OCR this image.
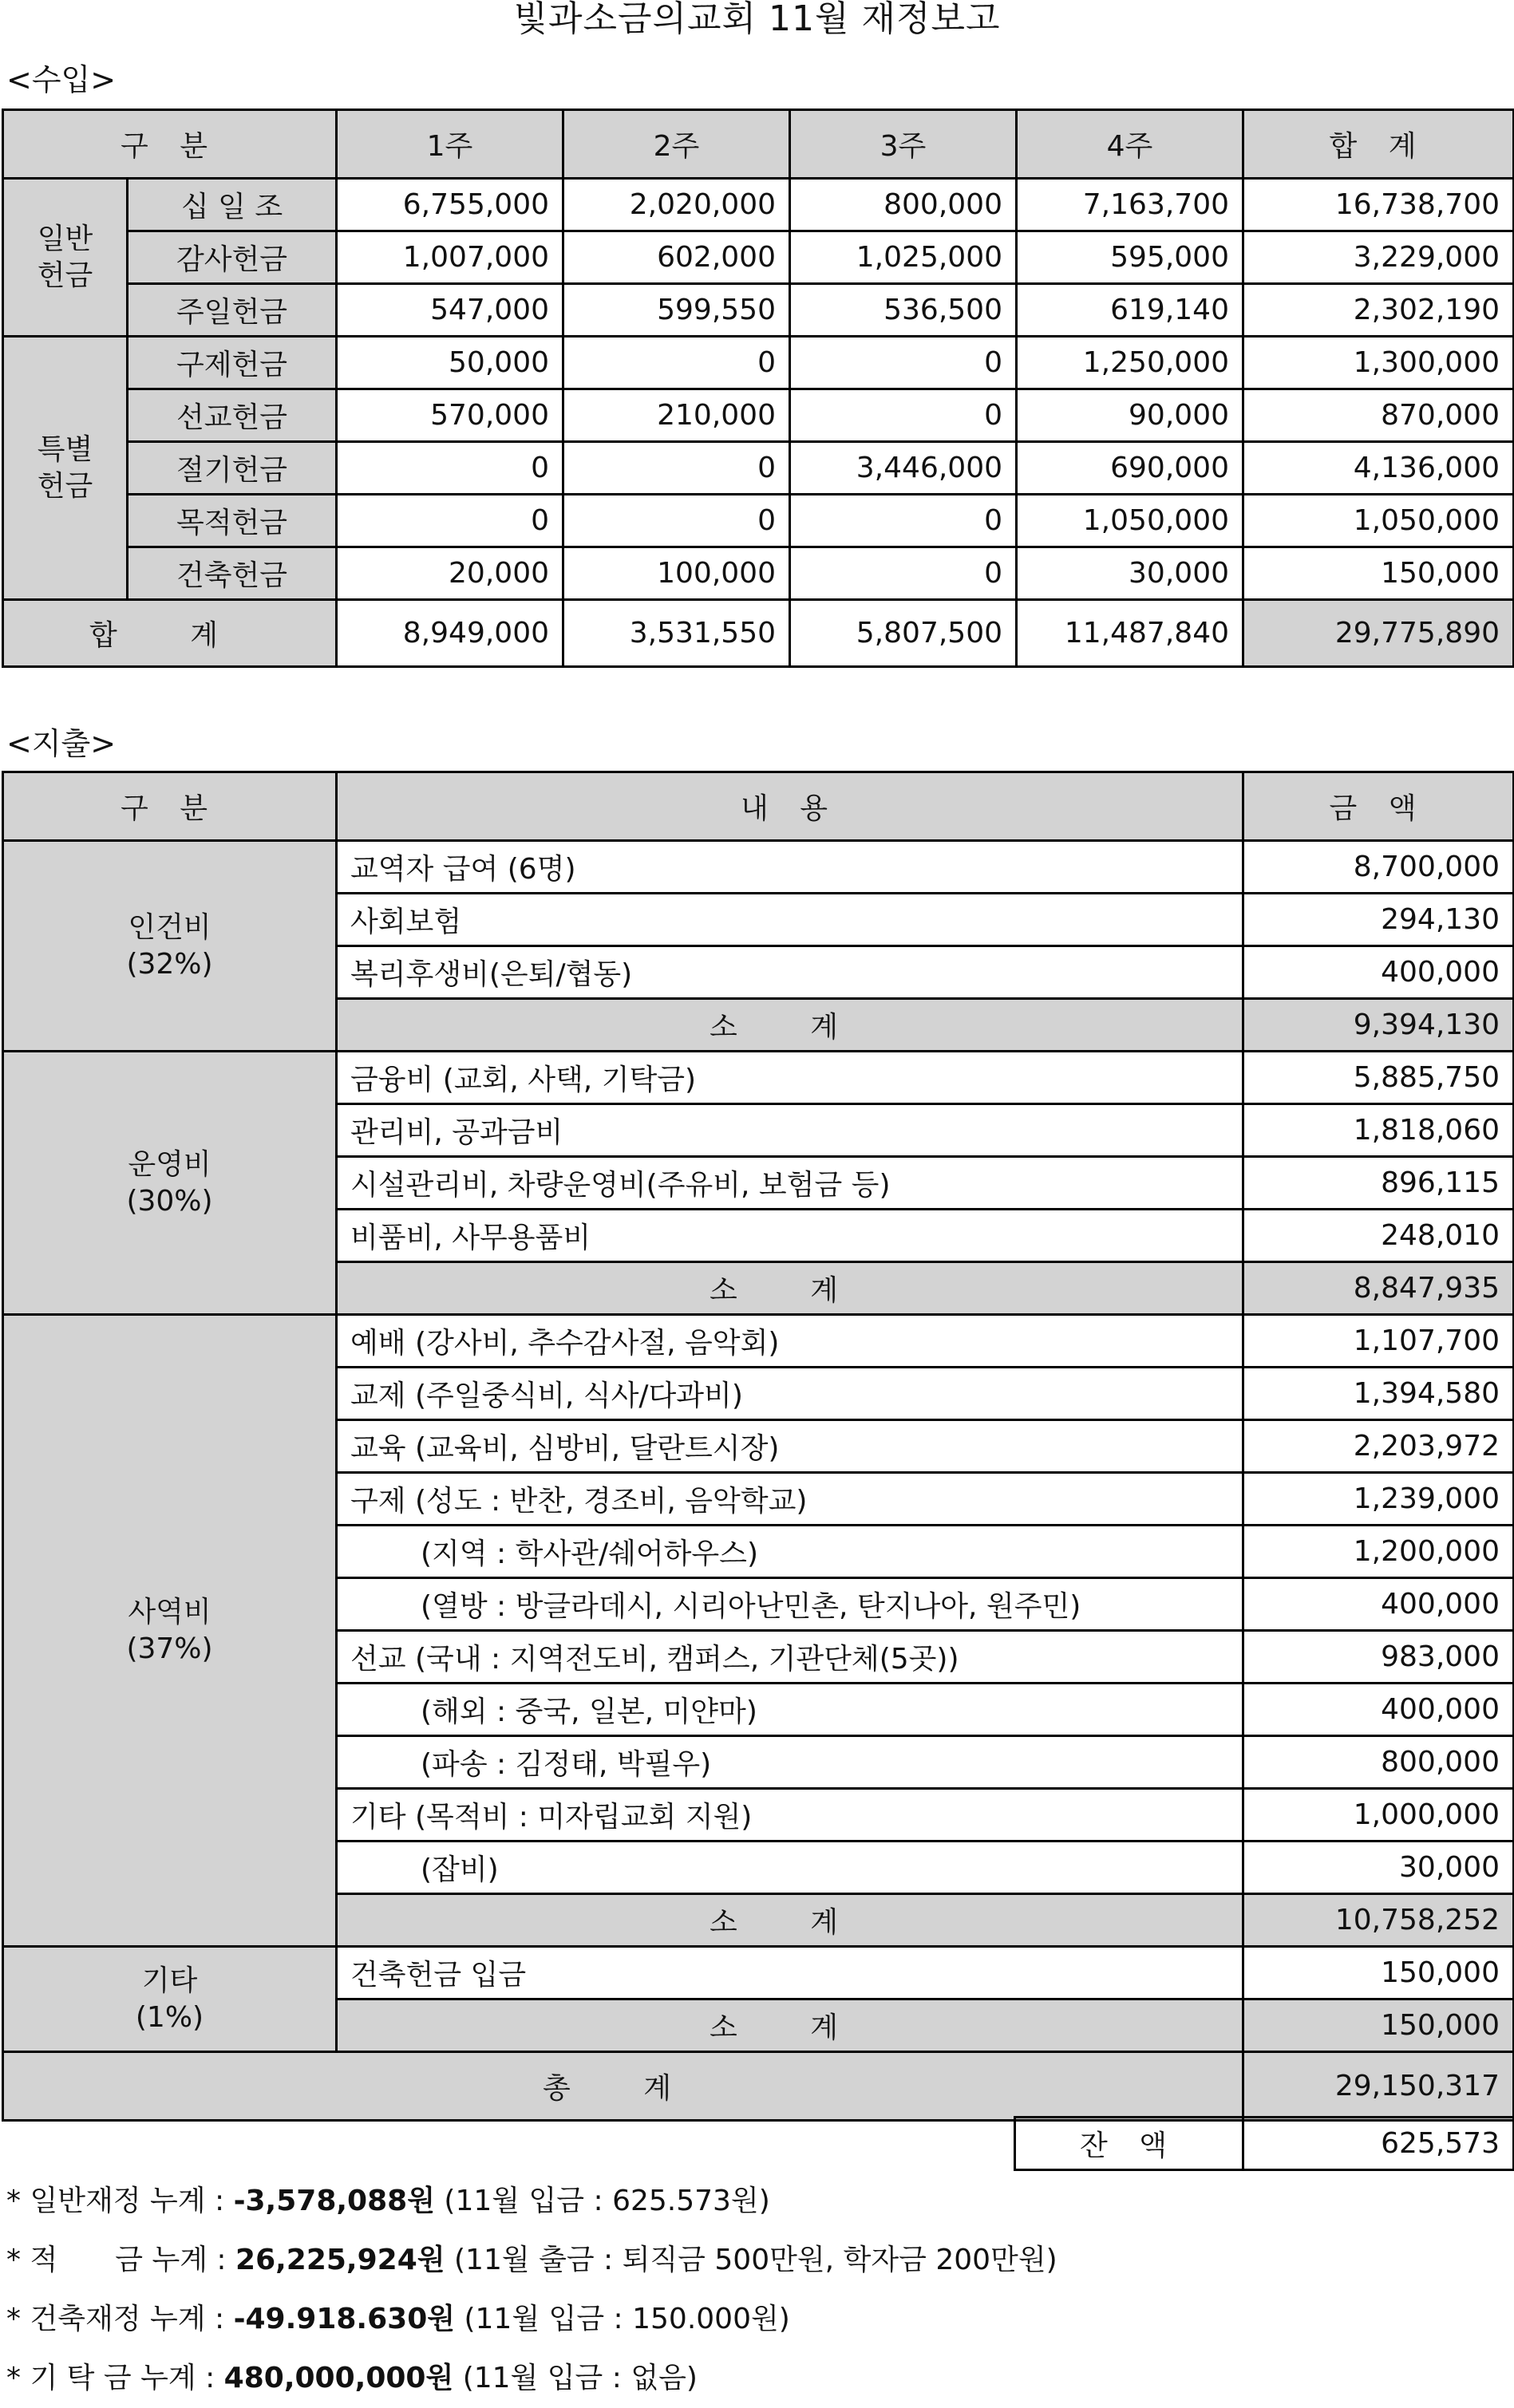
빛과소금의교회 11월 재정보고
<수입>
구 분		1주	2주	3주	4주	합 계

일반
헌금	십 일 조	6,755,000	2,020,000	800,000	7,163,700	16,738,700
	감사헌금	1,007,000	602,000	1,025,000	595,000	3,229,000
	주일헌금	547,000	599,550	536,500	619,140	2,302,190

특별
헌금	구제헌금	50,000	0	0	1,250,000	1,300,000
	선교헌금	570,000	210,000	0	90,000	870,000
	절기헌금	0	0	3,446,000	690,000	4,136,000
	목적헌금	0	0	0	1,050,000	1,050,000
	건축헌금	20,000	100,000	0	30,000	150,000
합 계		8,949,000	3,531,550	5,807,500	11,487,840	29,775,890
<지출>
구 분	내 용	금 액

인건비
(32%)	교역자 급여 (6명)	8,700,000
	사회보험	294,130
	복리후생비(은퇴/협동)	400,000
	소 계	9,394,130

운영비
(30%)	금융비 (교회, 사택, 기탁금)	5,885,750
	관리비, 공과금비	1,818,060
	시설관리비, 차량운영비(주유비, 보험금 등)	896,115
	비품비, 사무용품비	248,010
	소 계	8,847,935

사역비
(37%)	예배 (강사비, 추수감사절, 음악회)	1,107,700
	교제 (주일중식비, 식사/다과비)	1,394,580
	교육 (교육비, 심방비, 달란트시장)	2,203,972
	구제 (성도 : 반찬, 경조비, 음악학교)	1,239,000
	(지역 : 학사관/쉐어하우스)	1,200,000
	(열방 : 방글라데시, 시리아난민촌, 탄지나아, 원주민)	400,000
	선교 (국내 : 지역전도비, 캠퍼스, 기관단체(5곳))	983,000
	(해외 : 중국, 일본, 미얀마)	400,000
	(파송 : 김정태, 박필우)	800,000
	기타 (목적비 : 미자립교회 지원)	1,000,000
	(잡비)	30,000
	소 계	10,758,252

기타
(1%)	건축헌금 입금	150,000
	소 계	150,000
총 계		29,150,317
잔 액	625,573
* 일반재정 누계 : -3,578,088원 (11월 입금 : 625.573원)
* 적　　금 누계 : 26,225,924원 (11월 출금 : 퇴직금 500만원, 학자금 200만원)
* 건축재정 누계 : -49.918.630원 (11월 입금 : 150.000원)
* 기 탁 금 누계 : 480,000,000원 (11월 입금 : 없음)
